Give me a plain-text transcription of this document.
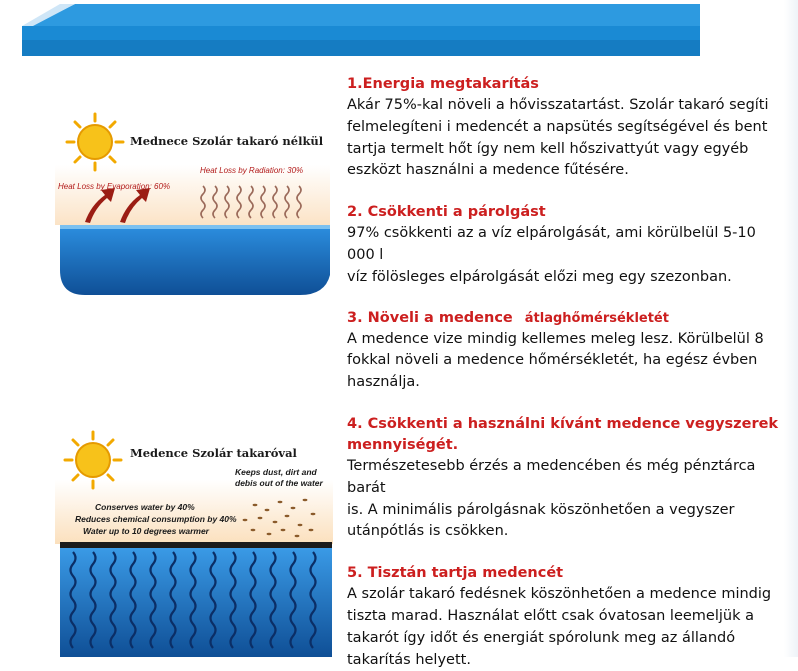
Mednece Szolár takaró nélkül
Heat Loss by Radiation: 30%
Heat Loss by Evaporation: 60%
Medence Szolár takaróval
Keeps dust, dirt and
debis out of the water
Conserves water by 40%
Reduces chemical consumption by 40%
Water up to 10 degrees warmer
1.Energia megtakarítás

Akár 75%-kal növeli a hővisszatartást. Szolár takaró segíti
felmelegíteni i medencét a napsütés segítségével és bent
tartja termelt hőt így nem kell hőszivattyút vagy egyéb
eszközt használni a medence fűtésére.

2. Csökkenti a párolgást

97% csökkenti az a víz elpárolgását, ami körülbelül 5-10 000 l
víz fölösleges elpárolgását előzi meg egy szezonban.

3. Növeli a medence átlaghőmérsékletét

A medence vize mindig kellemes meleg lesz. Körülbelül 8
fokkal növeli a medence hőmérsékletét, ha egész évben
használja.

4. Csökkenti a használni kívánt medence vegyszerek
mennyiségét.

Természetesebb érzés a medencében és még pénztárca barát
is. A minimális párolgásnak köszönhetően a vegyszer
utánpótlás is csökken.

5. Tisztán tartja medencét

A szolár takaró fedésnek köszönhetően a medence mindig
tiszta marad. Használat előtt csak óvatosan leemeljük a
takarót így időt és energiát spórolunk meg az állandó
takarítás helyett.
